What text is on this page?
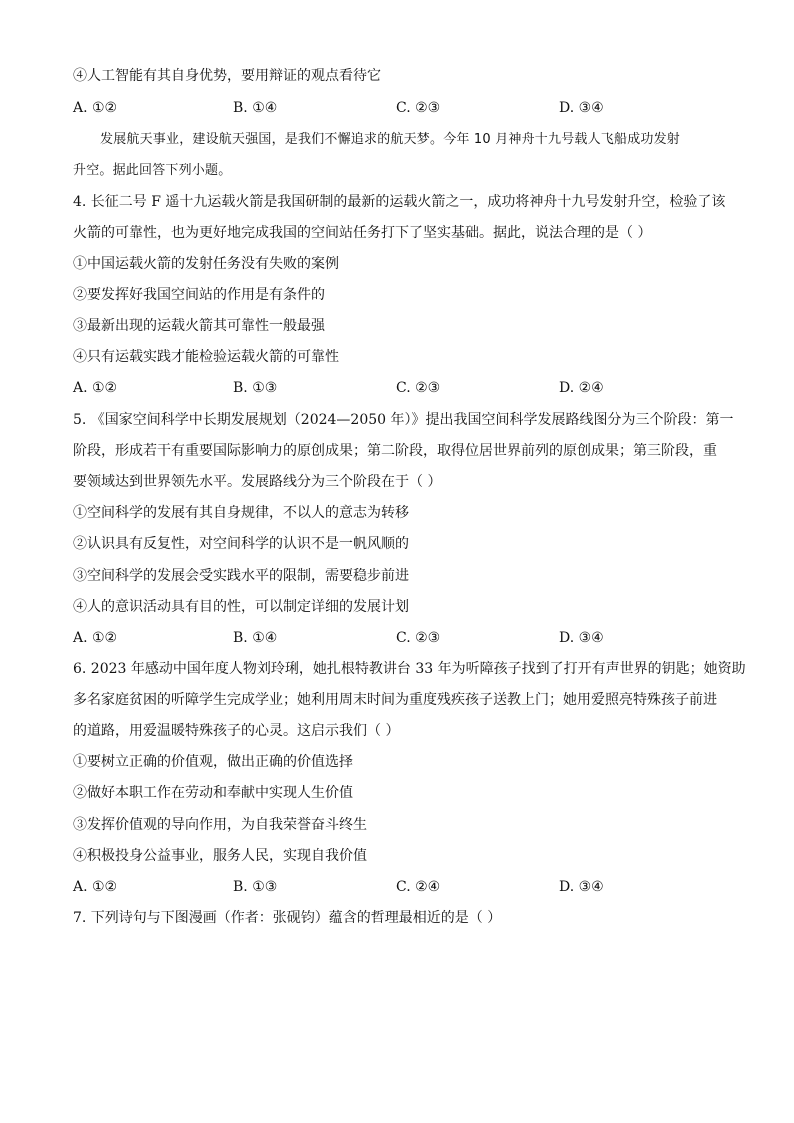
④人工智能有其自身优势，要用辩证的观点看待它
A. ①②	B. ①④	C. ②③	D. ③④
发展航天事业，建设航天强国，是我们不懈追求的航天梦。今年 10 月神舟十九号载人飞船成功发射
升空。据此回答下列小题。
4. 长征二号 F 遥十九运载火箭是我国研制的最新的运载火箭之一，成功将神舟十九号发射升空，检验了该
火箭的可靠性，也为更好地完成我国的空间站任务打下了坚实基础。据此，说法合理的是（ ）
①中国运载火箭的发射任务没有失败的案例
②要发挥好我国空间站的作用是有条件的
③最新出现的运载火箭其可靠性一般最强
④只有运载实践才能检验运载火箭的可靠性
A. ①②	B. ①③	C. ②③	D. ②④
5. 《国家空间科学中长期发展规划（2024—2050 年）》提出我国空间科学发展路线图分为三个阶段：第一
阶段，形成若干有重要国际影响力的原创成果；第二阶段，取得位居世界前列的原创成果；第三阶段，重
要领域达到世界领先水平。发展路线分为三个阶段在于（ ）
①空间科学的发展有其自身规律，不以人的意志为转移
②认识具有反复性，对空间科学的认识不是一帆风顺的
③空间科学的发展会受实践水平的限制，需要稳步前进
④人的意识活动具有目的性，可以制定详细的发展计划
A. ①②	B. ①④	C. ②③	D. ③④
6. 2023 年感动中国年度人物刘玲琍，她扎根特教讲台 33 年为听障孩子找到了打开有声世界的钥匙；她资助
多名家庭贫困的听障学生完成学业；她利用周末时间为重度残疾孩子送教上门；她用爱照亮特殊孩子前进
的道路，用爱温暖特殊孩子的心灵。这启示我们（ ）
①要树立正确的价值观，做出正确的价值选择
②做好本职工作在劳动和奉献中实现人生价值
③发挥价值观的导向作用，为自我荣誉奋斗终生
④积极投身公益事业，服务人民，实现自我价值
A. ①②	B. ①③	C. ②④	D. ③④
7. 下列诗句与下图漫画（作者：张砚钧）蕴含的哲理最相近的是（ ）
